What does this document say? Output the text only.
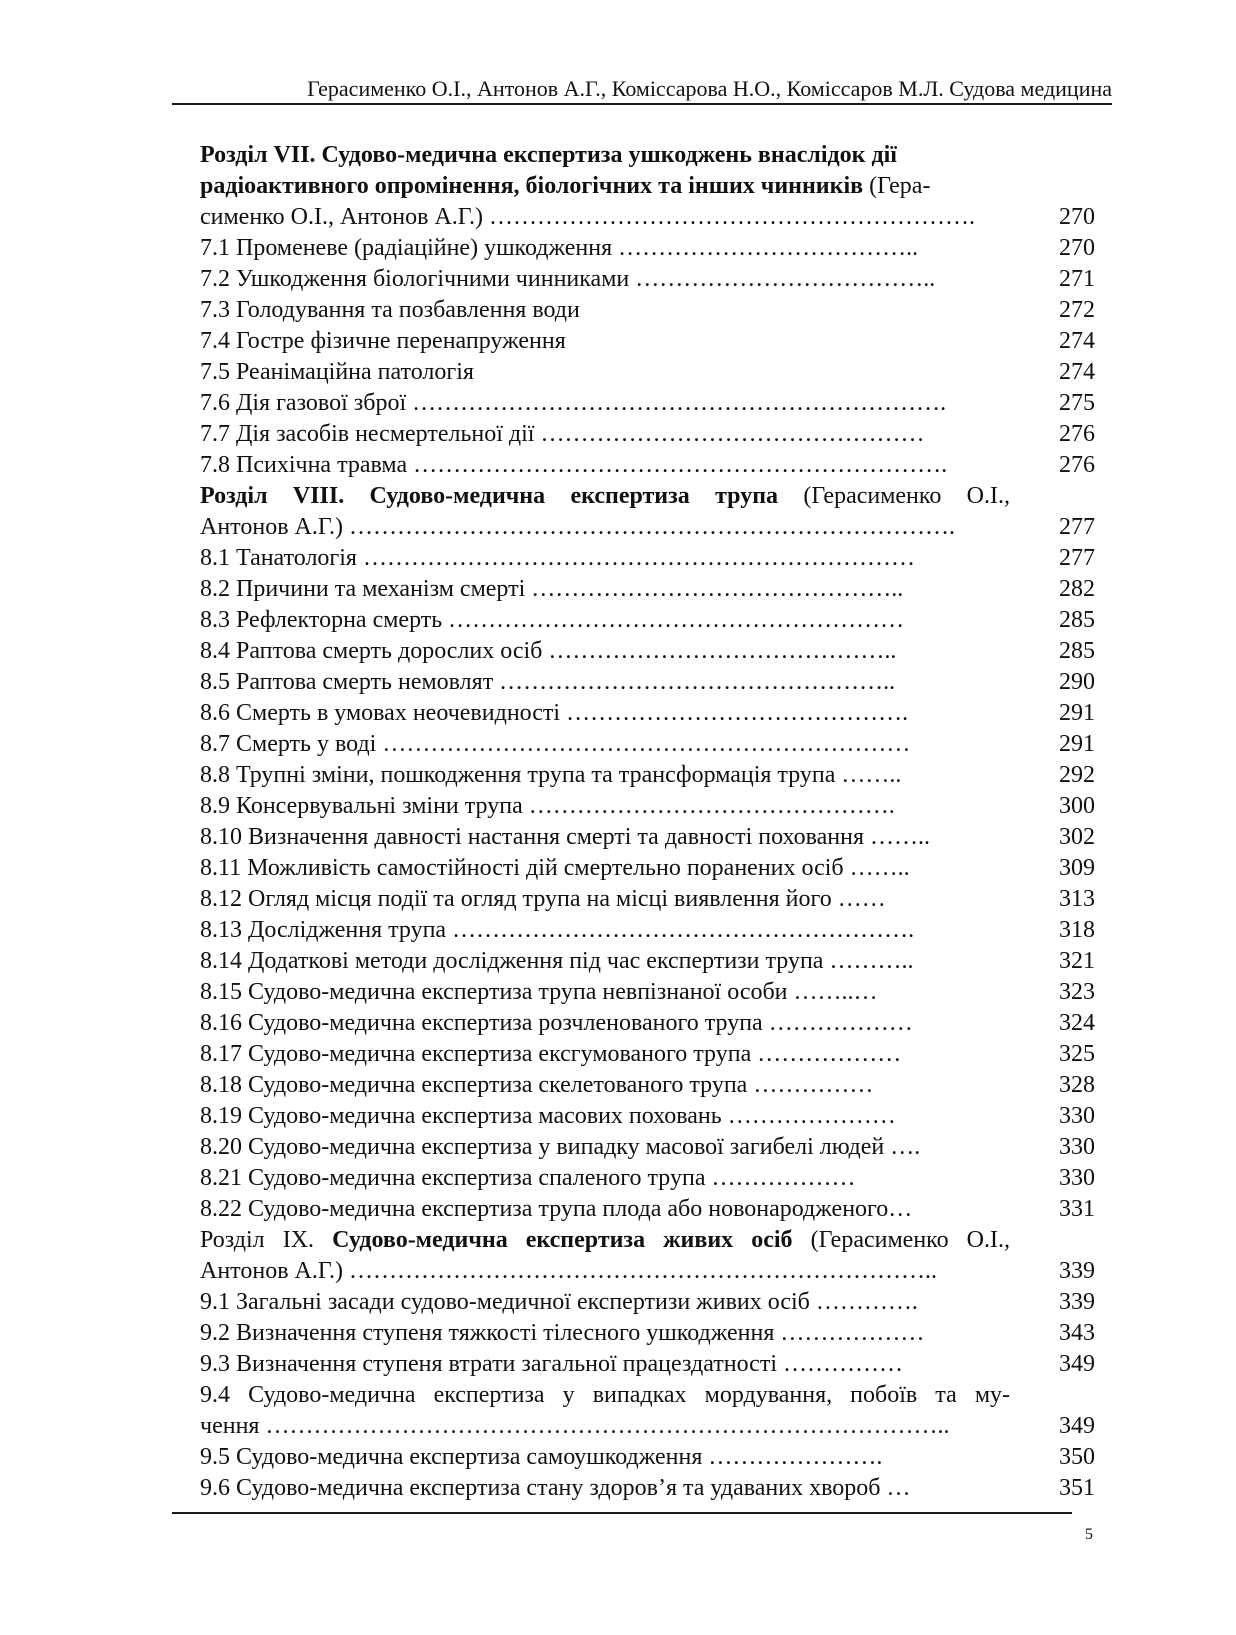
Герасименко О.І., Антонов А.Г., Коміссарова Н.О., Коміссаров М.Л. Судова медицина
Розділ VII. Судово-медична експертиза ушкоджень внаслідок дії
радіоактивного опромінення, біологічних та інших чинників (Гера-
сименко О.І., Антонов А.Г.) …………………………………………………….	270
7.1 Променеве (радіаційне) ушкодження ………………………………..	270
7.2 Ушкодження біологічними чинниками ………………………………..	271
7.3 Голодування та позбавлення води	272
7.4 Гостре фізичне перенапруження	274
7.5 Реанімаційна патологія	274
7.6 Дія газової зброї ………………………………………………………….	275
7.7 Дія засобів несмертельної дії …………………………………………	276
7.8 Психічна травма ………………………………………………………….	276
Розділ VIII. Судово-медична експертиза трупа (Герасименко О.І.,
Антонов А.Г.) ………………………………………………………………….	277
8.1 Танатологія ……………………………………………………………	277
8.2 Причини та механізм смерті ………………………………………..	282
8.3 Рефлекторна смерть …………………………………………………	285
8.4 Раптова смерть дорослих осіб ……………………………………..	285
8.5 Раптова смерть немовлят …………………………………………..	290
8.6 Смерть в умовах неочевидності …………………………………….	291
8.7 Смерть у воді …………………………………………………………	291
8.8 Трупні зміни, пошкодження трупа та трансформація трупа ……..	292
8.9 Консервувальні зміни трупа ……………………………………….	300
8.10 Визначення давності настання смерті та давності поховання ……..	302
8.11 Можливість самостійності дій смертельно поранених осіб ……..	309
8.12 Огляд місця події та огляд трупа на місці виявлення його ……	313
8.13 Дослідження трупа ………………………………………………….	318
8.14 Додаткові методи дослідження під час експертизи трупа ………..	321
8.15 Судово-медична експертиза трупа невпізнаної особи ……..…	323
8.16 Судово-медична експертиза розчленованого трупа ………………	324
8.17 Судово-медична експертиза ексгумованого трупа ………………	325
8.18 Судово-медична експертиза скелетованого трупа ……………	328
8.19 Судово-медична експертиза масових поховань …………………	330
8.20 Судово-медична експертиза у випадку масової загибелі людей ….	330
8.21 Судово-медична експертиза спаленого трупа ………………	330
8.22 Судово-медична експертиза трупа плода або новонародженого…	331
Розділ IX. Судово-медична експертиза живих осіб (Герасименко О.І.,
Антонов А.Г.) ………………………………………………………………..	339
9.1 Загальні засади судово-медичної експертизи живих осіб ………….	339
9.2 Визначення ступеня тяжкості тілесного ушкодження ………………	343
9.3 Визначення ступеня втрати загальної працездатності ……………	349
9.4 Судово-медична експертиза у випадках мордування, побоїв та му-
чення …………………………………………………………………………..	349
9.5 Судово-медична експертиза самоушкодження ………………….	350
9.6 Судово-медична експертиза стану здоров’я та удаваних хвороб …	351
5
